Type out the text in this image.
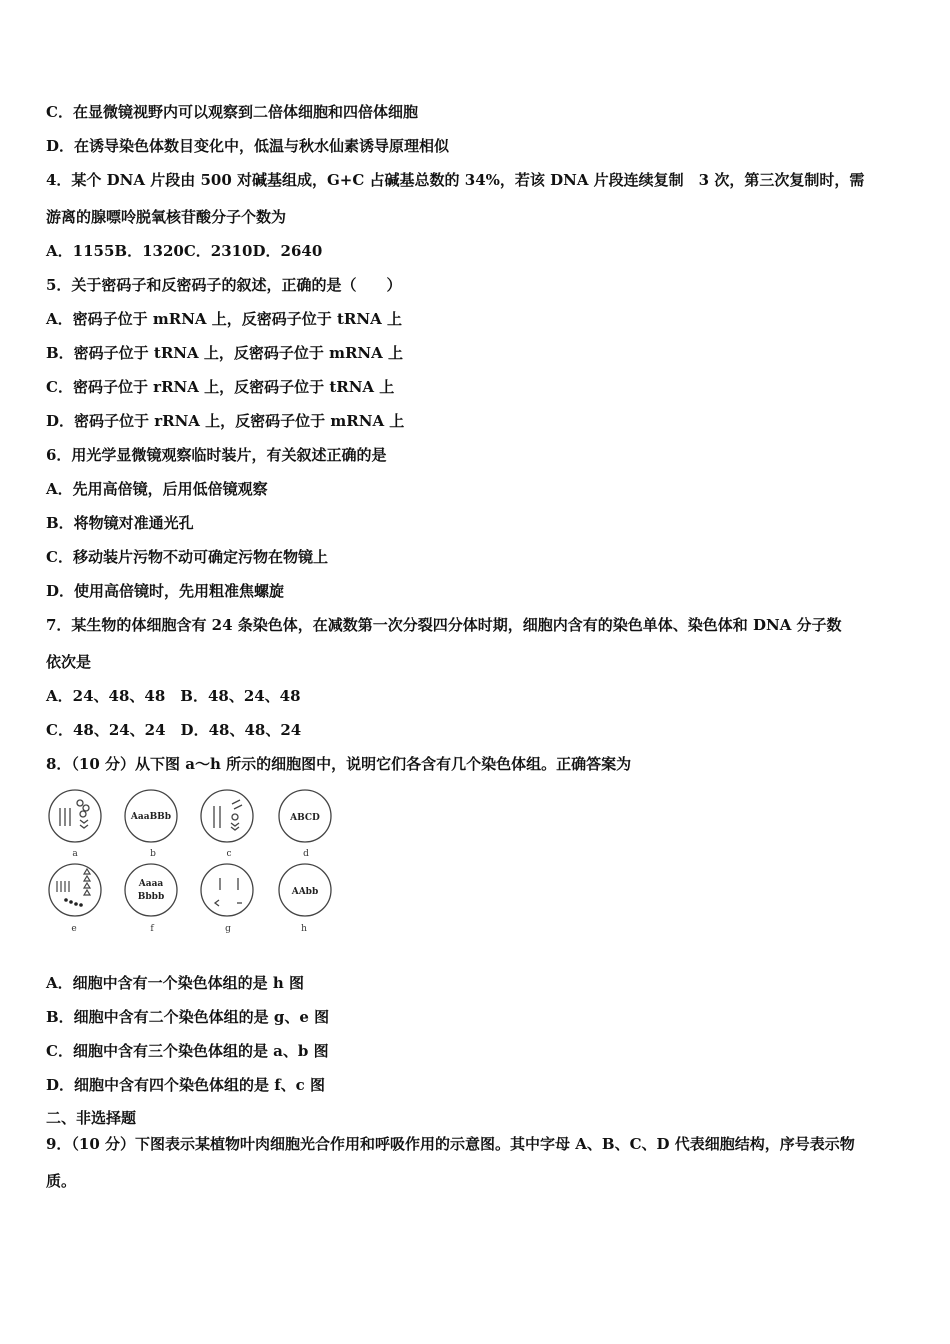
C．在显微镜视野内可以观察到二倍体细胞和四倍体细胞
D．在诱导染色体数目变化中，低温与秋水仙素诱导原理相似
4．某个 DNA 片段由 500 对碱基组成，G+C 占碱基总数的 34%，若该 DNA 片段连续复制　3 次，第三次复制时，需
游离的腺嘌呤脱氧核苷酸分子个数为
A．1155B．1320C．2310D．2640
5．关于密码子和反密码子的叙述，正确的是（　　）
A．密码子位于 mRNA 上，反密码子位于 tRNA 上
B．密码子位于 tRNA 上，反密码子位于 mRNA 上
C．密码子位于 rRNA 上，反密码子位于 tRNA 上
D．密码子位于 rRNA 上，反密码子位于 mRNA 上
6．用光学显微镜观察临时装片，有关叙述正确的是
A．先用高倍镜，后用低倍镜观察
B．将物镜对准通光孔
C．移动装片污物不动可确定污物在物镜上
D．使用高倍镜时，先用粗准焦螺旋
7．某生物的体细胞含有 24 条染色体，在减数第一次分裂四分体时期，细胞内含有的染色单体、染色体和 DNA 分子数
依次是
A．24、48、48　B．48、24、48
C．48、24、24　D．48、48、24
8．（10 分）从下图 a～h 所示的细胞图中，说明它们各含有几个染色体组。正确答案为
AaaBBb	ABCD
Aaaa
Bbbb	AAbb
a	b	c	d
e	f	g	h
A．细胞中含有一个染色体组的是 h 图
B．细胞中含有二个染色体组的是 g、e 图
C．细胞中含有三个染色体组的是 a、b 图
D．细胞中含有四个染色体组的是 f、c 图
二、非选择题
9．（10 分）下图表示某植物叶肉细胞光合作用和呼吸作用的示意图。其中字母 A、B、C、D 代表细胞结构，序号表示物
质。
